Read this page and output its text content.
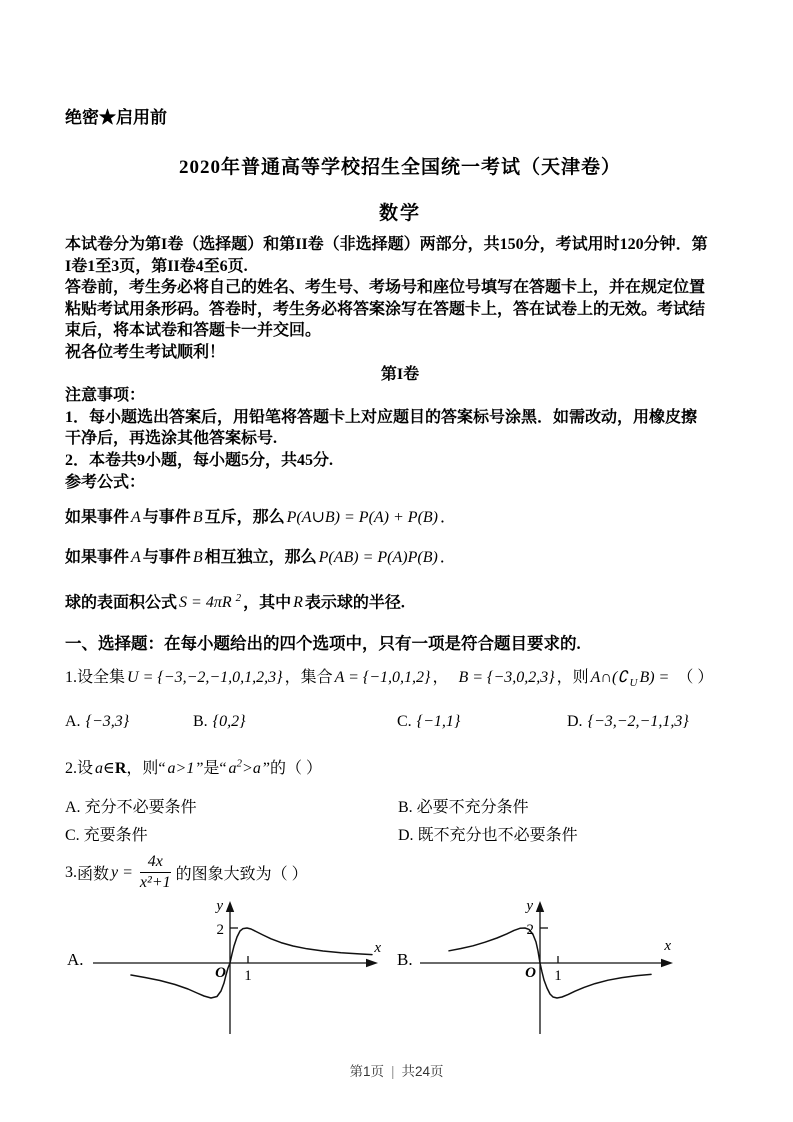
绝密★启用前
2020年普通高等学校招生全国统一考试（天津卷）
数学
本试卷分为第I卷（选择题）和第II卷（非选择题）两部分，共150分，考试用时120分钟．第
I卷1至3页，第II卷4至6页.
答卷前，考生务必将自己的姓名、考生号、考场号和座位号填写在答题卡上，并在规定位置
粘贴考试用条形码。答卷时，考生务必将答案涂写在答题卡上，答在试卷上的无效。考试结
束后，将本试卷和答题卡一并交回。
祝各位考生考试顺利！
第I卷
注意事项：
1．每小题选出答案后，用铅笔将答题卡上对应题目的答案标号涂黑．如需改动，用橡皮擦
干净后，再选涂其他答案标号.
2．本卷共9小题，每小题5分，共45分.
参考公式：

如果事件 A 与事件 B 互斥，那么 P(A∪B) = P(A) + P(B) ．

如果事件 A 与事件 B 相互独立，那么 P(AB) = P(A)P(B) ．

球的表面积公式 S = 4πR $^2$ ，其中 R 表示球的半径.

一、选择题：在每小题给出的四个选项中，只有一项是符合题目要求的.
1.设全集 U = {−3,−2,−1,0,1,2,3} ，集合 A = {−1,0,1,2} ， B = {−3,0,2,3} ，则 A∩(∁ $_U$ B) = （ ）
A. {−3,3}	B. {0,2}	C. {−1,1}	D. {−3,−2,−1,1,3}
2.设 a∈R，则“ a>1 ”是“ $a^2>a$ ”的（ ）
A. 充分不必要条件	B. 必要不充分条件
C. 充要条件	D. 既不充分也不必要条件
3. 函数 $y = \frac{4x}{\text{x²+1}}$ 的图象大致为（ ）
A.
y
x
O 1
2
B.
y
x
O 1
2
第1页 | 共24页
